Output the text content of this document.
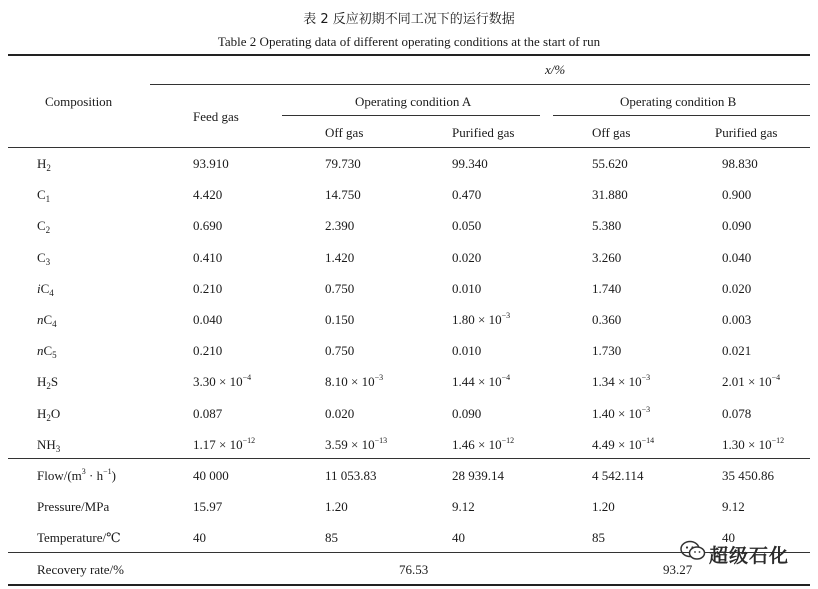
表 2 反应初期不同工况下的运行数据
Table 2 Operating data of different operating conditions at the start of run
x/%
Composition
Feed gas
Operating condition A	Operating condition B
Off gas	Purified gas	Off gas	Purified gas
$H_2$	93.910	79.730	99.340	55.620	98.830
$C_1$	4.420	14.750	0.470	31.880	0.900
$C_2$	0.690	2.390	0.050	5.380	0.090
$C_3$	0.410	1.420	0.020	3.260	0.040
$iC_4$	0.210	0.750	0.010	1.740	0.020
$nC_4$	0.040	0.150	$1.80 \times 10^{-3}$	0.360	0.003
$nC_5$	0.210	0.750	0.010	1.730	0.021
$H_2S$	$3.30 \times 10^{-4}$	$8.10 \times 10^{-3}$	$1.44 \times 10^{-4}$	$1.34 \times 10^{-3}$	$2.01 \times 10^{-4}$
$H_2O$	0.087	0.020	0.090	$1.40 \times 10^{-3}$	0.078
$NH_3$	$1.17 \times 10^{-12}$	$3.59 \times 10^{-13}$	$1.46 \times 10^{-12}$	$4.49 \times 10^{-14}$	$1.30 \times 10^{-12}$
Flow/$(m^3 \cdot h^{-1})$	40 000	11 053.83	28 939.14	4 542.114	35 450.86
Pressure/MPa	15.97	1.20	9.12	1.20	9.12
Temperature/℃	40	85	40	85	40
Recovery rate/%	76.53	93.27
超级石化
